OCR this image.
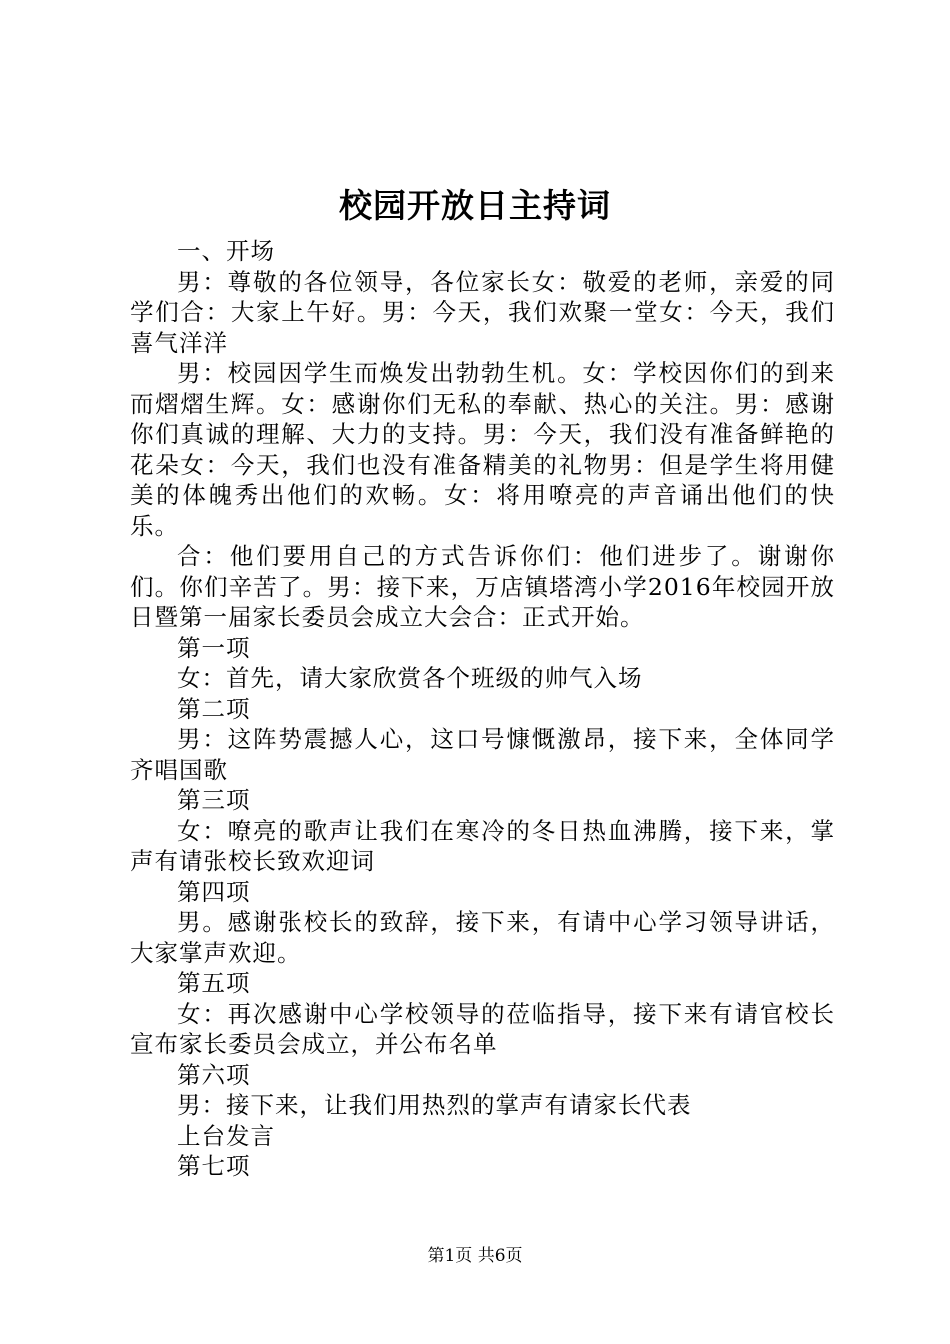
校园开放日主持词

一、开场

男：尊敬的各位领导，各位家长女：敬爱的老师，亲爱的同学们合：大家上午好。男：今天，我们欢聚一堂女：今天，我们喜气洋洋

男：校园因学生而焕发出勃勃生机。女：学校因你们的到来而熠熠生辉。女：感谢你们无私的奉献、热心的关注。男：感谢你们真诚的理解、大力的支持。男：今天，我们没有准备鲜艳的花朵女：今天，我们也没有准备精美的礼物男：但是学生将用健美的体魄秀出他们的欢畅。女：将用嘹亮的声音诵出他们的快乐。

合：他们要用自己的方式告诉你们：他们进步了。谢谢你们。你们辛苦了。男：接下来，万店镇塔湾小学2016年校园开放日暨第一届家长委员会成立大会合：正式开始。

第一项

女：首先，请大家欣赏各个班级的帅气入场

第二项

男：这阵势震撼人心，这口号慷慨激昂，接下来，全体同学齐唱国歌

第三项

女：嘹亮的歌声让我们在寒冷的冬日热血沸腾，接下来，掌声有请张校长致欢迎词

第四项

男。感谢张校长的致辞，接下来，有请中心学习领导讲话，大家掌声欢迎。

第五项

女：再次感谢中心学校领导的莅临指导，接下来有请官校长宣布家长委员会成立，并公布名单

第六项

男：接下来，让我们用热烈的掌声有请家长代表

上台发言

第七项

第1页 共6页
